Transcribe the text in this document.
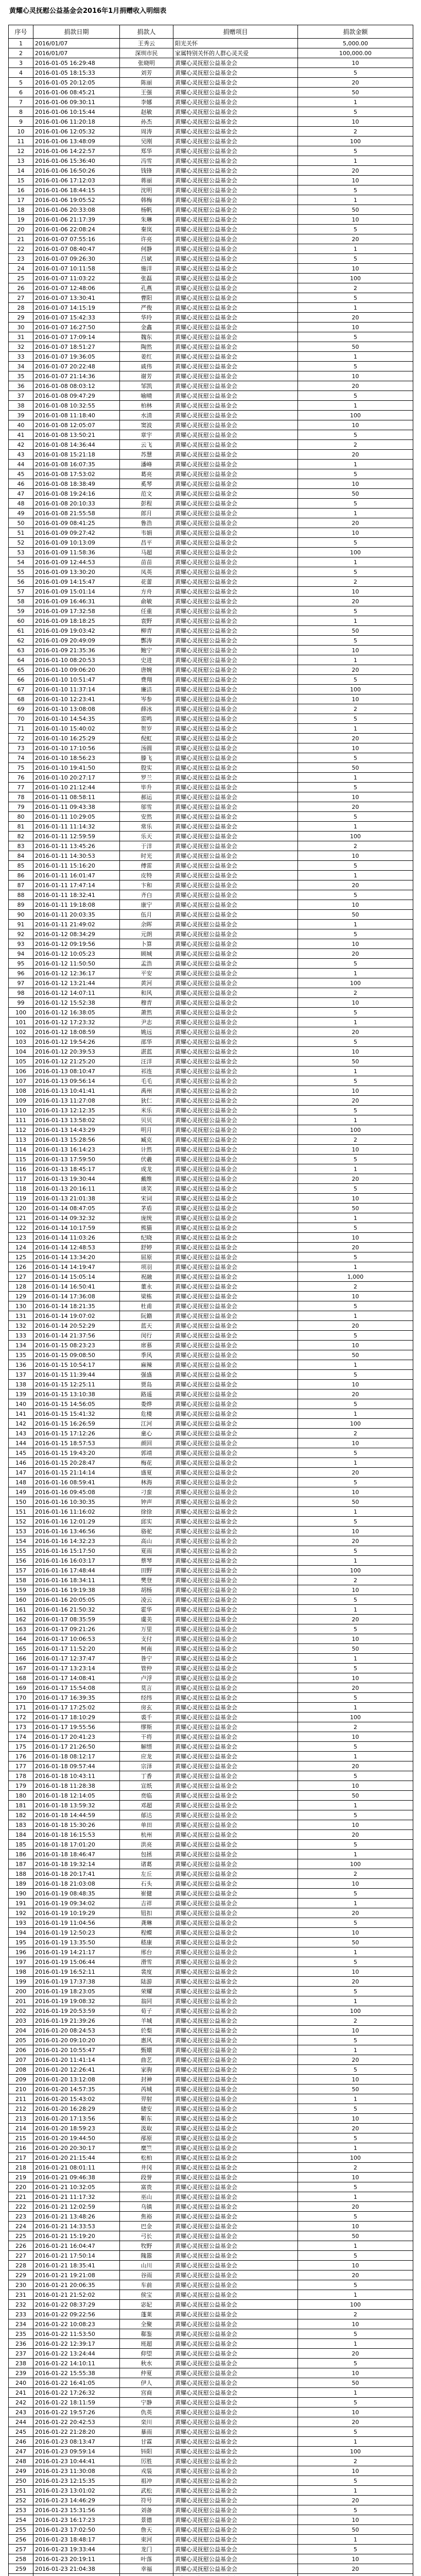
黄耀心灵抚慰公益基金会2016年1月捐赠收入明细表
序号	捐款日期	捐款人	捐赠项目	捐款金额
1	2016/01/07	王秀云	阳光关怀	5,000.00
2	2016/01/07	深圳市民	家属特别关怀的人群心灵关爱	100,000.00
3	2016-01-05 16:29:48	张晓明	黄耀心灵抚慰公益基金会	10
4	2016-01-05 18:15:33	刘芳	黄耀心灵抚慰公益基金会	5
5	2016-01-05 20:12:05	陈丽	黄耀心灵抚慰公益基金会	20
6	2016-01-06 08:45:21	王强	黄耀心灵抚慰公益基金会	50
7	2016-01-06 09:30:11	李娜	黄耀心灵抚慰公益基金会	1
8	2016-01-06 10:15:44	赵敏	黄耀心灵抚慰公益基金会	5
9	2016-01-06 11:20:18	孙杰	黄耀心灵抚慰公益基金会	10
10	2016-01-06 12:05:32	周涛	黄耀心灵抚慰公益基金会	2
11	2016-01-06 13:48:09	吴刚	黄耀心灵抚慰公益基金会	100
12	2016-01-06 14:22:57	郑华	黄耀心灵抚慰公益基金会	5
13	2016-01-06 15:36:40	冯雪	黄耀心灵抚慰公益基金会	1
14	2016-01-06 16:50:26	钱锋	黄耀心灵抚慰公益基金会	20
15	2016-01-06 17:12:03	蒋丽	黄耀心灵抚慰公益基金会	10
16	2016-01-06 18:44:15	沈明	黄耀心灵抚慰公益基金会	5
17	2016-01-06 19:05:52	韩梅	黄耀心灵抚慰公益基金会	1
18	2016-01-06 20:33:08	杨帆	黄耀心灵抚慰公益基金会	50
19	2016-01-06 21:17:39	朱琳	黄耀心灵抚慰公益基金会	10
20	2016-01-06 22:08:24	秦岚	黄耀心灵抚慰公益基金会	5
21	2016-01-07 07:55:16	许亮	黄耀心灵抚慰公益基金会	20
22	2016-01-07 08:40:47	何静	黄耀心灵抚慰公益基金会	1
23	2016-01-07 09:26:30	吕斌	黄耀心灵抚慰公益基金会	5
24	2016-01-07 10:11:58	施洋	黄耀心灵抚慰公益基金会	10
25	2016-01-07 11:03:22	张磊	黄耀心灵抚慰公益基金会	100
26	2016-01-07 12:48:06	孔燕	黄耀心灵抚慰公益基金会	2
27	2016-01-07 13:30:41	曹阳	黄耀心灵抚慰公益基金会	5
28	2016-01-07 14:15:19	严俊	黄耀心灵抚慰公益基金会	1
29	2016-01-07 15:42:33	华玲	黄耀心灵抚慰公益基金会	20
30	2016-01-07 16:27:50	金鑫	黄耀心灵抚慰公益基金会	10
31	2016-01-07 17:09:14	魏东	黄耀心灵抚慰公益基金会	5
32	2016-01-07 18:51:27	陶然	黄耀心灵抚慰公益基金会	50
33	2016-01-07 19:36:05	姜红	黄耀心灵抚慰公益基金会	1
34	2016-01-07 20:22:48	戚伟	黄耀心灵抚慰公益基金会	5
35	2016-01-07 21:14:36	谢芳	黄耀心灵抚慰公益基金会	10
36	2016-01-08 08:03:12	邹凯	黄耀心灵抚慰公益基金会	20
37	2016-01-08 09:47:29	喻晴	黄耀心灵抚慰公益基金会	5
38	2016-01-08 10:32:55	柏林	黄耀心灵抚慰公益基金会	1
39	2016-01-08 11:18:40	水清	黄耀心灵抚慰公益基金会	100
40	2016-01-08 12:05:07	窦波	黄耀心灵抚慰公益基金会	10
41	2016-01-08 13:50:21	章宇	黄耀心灵抚慰公益基金会	5
42	2016-01-08 14:36:44	云飞	黄耀心灵抚慰公益基金会	2
43	2016-01-08 15:21:18	苏慧	黄耀心灵抚慰公益基金会	20
44	2016-01-08 16:07:35	潘峰	黄耀心灵抚慰公益基金会	1
45	2016-01-08 17:53:02	葛亮	黄耀心灵抚慰公益基金会	5
46	2016-01-08 18:38:49	奚琴	黄耀心灵抚慰公益基金会	10
47	2016-01-08 19:24:16	范文	黄耀心灵抚慰公益基金会	50
48	2016-01-08 20:10:33	彭程	黄耀心灵抚慰公益基金会	5
49	2016-01-08 21:55:58	郎月	黄耀心灵抚慰公益基金会	1
50	2016-01-09 08:41:25	鲁浩	黄耀心灵抚慰公益基金会	20
51	2016-01-09 09:27:42	韦娟	黄耀心灵抚慰公益基金会	10
52	2016-01-09 10:13:09	昌平	黄耀心灵抚慰公益基金会	5
53	2016-01-09 11:58:36	马超	黄耀心灵抚慰公益基金会	100
54	2016-01-09 12:44:53	苗苗	黄耀心灵抚慰公益基金会	1
55	2016-01-09 13:30:20	凤英	黄耀心灵抚慰公益基金会	5
56	2016-01-09 14:15:47	花蕾	黄耀心灵抚慰公益基金会	2
57	2016-01-09 15:01:14	方舟	黄耀心灵抚慰公益基金会	10
58	2016-01-09 16:46:31	俞敏	黄耀心灵抚慰公益基金会	20
59	2016-01-09 17:32:58	任重	黄耀心灵抚慰公益基金会	5
60	2016-01-09 18:18:25	袁野	黄耀心灵抚慰公益基金会	1
61	2016-01-09 19:03:42	柳青	黄耀心灵抚慰公益基金会	50
62	2016-01-09 20:49:09	酆涛	黄耀心灵抚慰公益基金会	5
63	2016-01-09 21:35:36	鲍宁	黄耀心灵抚慰公益基金会	10
64	2016-01-10 08:20:53	史进	黄耀心灵抚慰公益基金会	1
65	2016-01-10 09:06:20	唐婉	黄耀心灵抚慰公益基金会	20
66	2016-01-10 10:51:47	费翔	黄耀心灵抚慰公益基金会	5
67	2016-01-10 11:37:14	廉洁	黄耀心灵抚慰公益基金会	100
68	2016-01-10 12:23:41	岑参	黄耀心灵抚慰公益基金会	10
69	2016-01-10 13:08:08	薛冰	黄耀心灵抚慰公益基金会	2
70	2016-01-10 14:54:35	雷鸣	黄耀心灵抚慰公益基金会	5
71	2016-01-10 15:40:02	贺岁	黄耀心灵抚慰公益基金会	1
72	2016-01-10 16:25:29	倪虹	黄耀心灵抚慰公益基金会	20
73	2016-01-10 17:10:56	汤圆	黄耀心灵抚慰公益基金会	10
74	2016-01-10 18:56:23	滕飞	黄耀心灵抚慰公益基金会	5
75	2016-01-10 19:41:50	殷实	黄耀心灵抚慰公益基金会	50
76	2016-01-10 20:27:17	罗兰	黄耀心灵抚慰公益基金会	1
77	2016-01-10 21:12:44	毕升	黄耀心灵抚慰公益基金会	5
78	2016-01-11 08:58:11	郝运	黄耀心灵抚慰公益基金会	10
79	2016-01-11 09:43:38	邬雪	黄耀心灵抚慰公益基金会	20
80	2016-01-11 10:29:05	安然	黄耀心灵抚慰公益基金会	5
81	2016-01-11 11:14:32	常乐	黄耀心灵抚慰公益基金会	1
82	2016-01-11 12:59:59	乐天	黄耀心灵抚慰公益基金会	100
83	2016-01-11 13:45:26	于洋	黄耀心灵抚慰公益基金会	2
84	2016-01-11 14:30:53	时光	黄耀心灵抚慰公益基金会	10
85	2016-01-11 15:16:20	傅雷	黄耀心灵抚慰公益基金会	5
86	2016-01-11 16:01:47	皮特	黄耀心灵抚慰公益基金会	1
87	2016-01-11 17:47:14	卞和	黄耀心灵抚慰公益基金会	20
88	2016-01-11 18:32:41	齐白	黄耀心灵抚慰公益基金会	5
89	2016-01-11 19:18:08	康宁	黄耀心灵抚慰公益基金会	10
90	2016-01-11 20:03:35	伍月	黄耀心灵抚慰公益基金会	50
91	2016-01-11 21:49:02	余晖	黄耀心灵抚慰公益基金会	1
92	2016-01-12 08:34:29	元朗	黄耀心灵抚慰公益基金会	5
93	2016-01-12 09:19:56	卜算	黄耀心灵抚慰公益基金会	10
94	2016-01-12 10:05:23	顾城	黄耀心灵抚慰公益基金会	20
95	2016-01-12 11:50:50	孟浩	黄耀心灵抚慰公益基金会	5
96	2016-01-12 12:36:17	平安	黄耀心灵抚慰公益基金会	1
97	2016-01-12 13:21:44	黄河	黄耀心灵抚慰公益基金会	100
98	2016-01-12 14:07:11	和风	黄耀心灵抚慰公益基金会	2
99	2016-01-12 15:52:38	穆青	黄耀心灵抚慰公益基金会	10
100	2016-01-12 16:38:05	萧然	黄耀心灵抚慰公益基金会	5
101	2016-01-12 17:23:32	尹志	黄耀心灵抚慰公益基金会	1
102	2016-01-12 18:08:59	姚远	黄耀心灵抚慰公益基金会	20
103	2016-01-12 19:54:26	邵华	黄耀心灵抚慰公益基金会	5
104	2016-01-12 20:39:53	湛蓝	黄耀心灵抚慰公益基金会	10
105	2016-01-12 21:25:20	汪洋	黄耀心灵抚慰公益基金会	50
106	2016-01-13 08:10:47	祁连	黄耀心灵抚慰公益基金会	1
107	2016-01-13 09:56:14	毛毛	黄耀心灵抚慰公益基金会	5
108	2016-01-13 10:41:41	禹州	黄耀心灵抚慰公益基金会	10
109	2016-01-13 11:27:08	狄仁	黄耀心灵抚慰公益基金会	20
110	2016-01-13 12:12:35	米乐	黄耀心灵抚慰公益基金会	5
111	2016-01-13 13:58:02	贝贝	黄耀心灵抚慰公益基金会	1
112	2016-01-13 14:43:29	明月	黄耀心灵抚慰公益基金会	100
113	2016-01-13 15:28:56	臧克	黄耀心灵抚慰公益基金会	2
114	2016-01-13 16:14:23	计然	黄耀心灵抚慰公益基金会	10
115	2016-01-13 17:59:50	伏羲	黄耀心灵抚慰公益基金会	5
116	2016-01-13 18:45:17	成龙	黄耀心灵抚慰公益基金会	1
117	2016-01-13 19:30:44	戴维	黄耀心灵抚慰公益基金会	20
118	2016-01-13 20:16:11	谈笑	黄耀心灵抚慰公益基金会	5
119	2016-01-13 21:01:38	宋词	黄耀心灵抚慰公益基金会	10
120	2016-01-14 08:47:05	茅盾	黄耀心灵抚慰公益基金会	50
121	2016-01-14 09:32:32	庞统	黄耀心灵抚慰公益基金会	1
122	2016-01-14 10:17:59	熊猫	黄耀心灵抚慰公益基金会	5
123	2016-01-14 11:03:26	纪晓	黄耀心灵抚慰公益基金会	10
124	2016-01-14 12:48:53	舒婷	黄耀心灵抚慰公益基金会	20
125	2016-01-14 13:34:20	屈原	黄耀心灵抚慰公益基金会	5
126	2016-01-14 14:19:47	项羽	黄耀心灵抚慰公益基金会	1
127	2016-01-14 15:05:14	祝融	黄耀心灵抚慰公益基金会	1,000
128	2016-01-14 16:50:41	董永	黄耀心灵抚慰公益基金会	2
129	2016-01-14 17:36:08	梁栋	黄耀心灵抚慰公益基金会	10
130	2016-01-14 18:21:35	杜甫	黄耀心灵抚慰公益基金会	5
131	2016-01-14 19:07:02	阮籍	黄耀心灵抚慰公益基金会	1
132	2016-01-14 20:52:29	蓝天	黄耀心灵抚慰公益基金会	20
133	2016-01-14 21:37:56	闵行	黄耀心灵抚慰公益基金会	5
134	2016-01-15 08:23:23	席慕	黄耀心灵抚慰公益基金会	10
135	2016-01-15 09:08:50	季风	黄耀心灵抚慰公益基金会	50
136	2016-01-15 10:54:17	麻辣	黄耀心灵抚慰公益基金会	1
137	2016-01-15 11:39:44	强盛	黄耀心灵抚慰公益基金会	5
138	2016-01-15 12:25:11	贾岛	黄耀心灵抚慰公益基金会	10
139	2016-01-15 13:10:38	路遥	黄耀心灵抚慰公益基金会	20
140	2016-01-15 14:56:05	娄烨	黄耀心灵抚慰公益基金会	5
141	2016-01-15 15:41:32	危楼	黄耀心灵抚慰公益基金会	1
142	2016-01-15 16:26:59	江河	黄耀心灵抚慰公益基金会	100
143	2016-01-15 17:12:26	童心	黄耀心灵抚慰公益基金会	2
144	2016-01-15 18:57:53	颜回	黄耀心灵抚慰公益基金会	10
145	2016-01-15 19:43:20	郭靖	黄耀心灵抚慰公益基金会	5
146	2016-01-15 20:28:47	梅花	黄耀心灵抚慰公益基金会	1
147	2016-01-15 21:14:14	盛夏	黄耀心灵抚慰公益基金会	20
148	2016-01-16 08:59:41	林海	黄耀心灵抚慰公益基金会	5
149	2016-01-16 09:45:08	刁蛮	黄耀心灵抚慰公益基金会	10
150	2016-01-16 10:30:35	钟声	黄耀心灵抚慰公益基金会	50
151	2016-01-16 11:16:02	徐徐	黄耀心灵抚慰公益基金会	1
152	2016-01-16 12:01:29	邱实	黄耀心灵抚慰公益基金会	5
153	2016-01-16 13:46:56	骆驼	黄耀心灵抚慰公益基金会	10
154	2016-01-16 14:32:23	高山	黄耀心灵抚慰公益基金会	20
155	2016-01-16 15:17:50	夏雨	黄耀心灵抚慰公益基金会	5
156	2016-01-16 16:03:17	蔡琴	黄耀心灵抚慰公益基金会	1
157	2016-01-16 17:48:44	田野	黄耀心灵抚慰公益基金会	100
158	2016-01-16 18:34:11	樊登	黄耀心灵抚慰公益基金会	2
159	2016-01-16 19:19:38	胡杨	黄耀心灵抚慰公益基金会	10
160	2016-01-16 20:05:05	凌云	黄耀心灵抚慰公益基金会	5
161	2016-01-16 21:50:32	霍华	黄耀心灵抚慰公益基金会	1
162	2016-01-17 08:35:59	虞美	黄耀心灵抚慰公益基金会	20
163	2016-01-17 09:21:26	万里	黄耀心灵抚慰公益基金会	5
164	2016-01-17 10:06:53	支付	黄耀心灵抚慰公益基金会	10
165	2016-01-17 11:52:20	柯南	黄耀心灵抚慰公益基金会	50
166	2016-01-17 12:37:47	昝宁	黄耀心灵抚慰公益基金会	1
167	2016-01-17 13:23:14	管仲	黄耀心灵抚慰公益基金会	5
168	2016-01-17 14:08:41	卢浮	黄耀心灵抚慰公益基金会	10
169	2016-01-17 15:54:08	莫言	黄耀心灵抚慰公益基金会	20
170	2016-01-17 16:39:35	经纬	黄耀心灵抚慰公益基金会	5
171	2016-01-17 17:25:02	房玄	黄耀心灵抚慰公益基金会	1
172	2016-01-17 18:10:29	裘千	黄耀心灵抚慰公益基金会	100
173	2016-01-17 19:55:56	缪斯	黄耀心灵抚慰公益基金会	2
174	2016-01-17 20:41:23	干将	黄耀心灵抚慰公益基金会	10
175	2016-01-17 21:26:50	解缙	黄耀心灵抚慰公益基金会	5
176	2016-01-18 08:12:17	应龙	黄耀心灵抚慰公益基金会	1
177	2016-01-18 09:57:44	宗泽	黄耀心灵抚慰公益基金会	20
178	2016-01-18 10:43:11	丁香	黄耀心灵抚慰公益基金会	5
179	2016-01-18 11:28:38	宣纸	黄耀心灵抚慰公益基金会	10
180	2016-01-18 12:14:05	贲临	黄耀心灵抚慰公益基金会	50
181	2016-01-18 13:59:32	邓超	黄耀心灵抚慰公益基金会	1
182	2016-01-18 14:44:59	郁达	黄耀心灵抚慰公益基金会	5
183	2016-01-18 15:30:26	单田	黄耀心灵抚慰公益基金会	10
184	2016-01-18 16:15:53	杭州	黄耀心灵抚慰公益基金会	20
185	2016-01-18 17:01:20	洪亮	黄耀心灵抚慰公益基金会	5
186	2016-01-18 18:46:47	包拯	黄耀心灵抚慰公益基金会	1
187	2016-01-18 19:32:14	诸葛	黄耀心灵抚慰公益基金会	100
188	2016-01-18 20:17:41	左丘	黄耀心灵抚慰公益基金会	2
189	2016-01-18 21:03:08	石头	黄耀心灵抚慰公益基金会	10
190	2016-01-19 08:48:35	崔健	黄耀心灵抚慰公益基金会	5
191	2016-01-19 09:34:02	吉祥	黄耀心灵抚慰公益基金会	1
192	2016-01-19 10:19:29	钮扣	黄耀心灵抚慰公益基金会	20
193	2016-01-19 11:04:56	龚琳	黄耀心灵抚慰公益基金会	5
194	2016-01-19 12:50:23	程蝶	黄耀心灵抚慰公益基金会	10
195	2016-01-19 13:35:50	嵇康	黄耀心灵抚慰公益基金会	50
196	2016-01-19 14:21:17	邢台	黄耀心灵抚慰公益基金会	1
197	2016-01-19 15:06:44	滑雪	黄耀心灵抚慰公益基金会	5
198	2016-01-19 16:52:11	裴度	黄耀心灵抚慰公益基金会	10
199	2016-01-19 17:37:38	陆游	黄耀心灵抚慰公益基金会	20
200	2016-01-19 18:23:05	荣耀	黄耀心灵抚慰公益基金会	5
201	2016-01-19 19:08:32	翁同	黄耀心灵抚慰公益基金会	1
202	2016-01-19 20:53:59	荀子	黄耀心灵抚慰公益基金会	100
203	2016-01-19 21:39:26	羊城	黄耀心灵抚慰公益基金会	2
204	2016-01-20 08:24:53	於梨	黄耀心灵抚慰公益基金会	10
205	2016-01-20 09:10:20	惠风	黄耀心灵抚慰公益基金会	5
206	2016-01-20 10:55:47	甄嬛	黄耀心灵抚慰公益基金会	1
207	2016-01-20 11:41:14	曲艺	黄耀心灵抚慰公益基金会	20
208	2016-01-20 12:26:41	家驹	黄耀心灵抚慰公益基金会	5
209	2016-01-20 13:12:08	封神	黄耀心灵抚慰公益基金会	10
210	2016-01-20 14:57:35	芮城	黄耀心灵抚慰公益基金会	50
211	2016-01-20 15:43:02	羿射	黄耀心灵抚慰公益基金会	1
212	2016-01-20 16:28:29	储安	黄耀心灵抚慰公益基金会	5
213	2016-01-20 17:13:56	靳东	黄耀心灵抚慰公益基金会	10
214	2016-01-20 18:59:23	汲取	黄耀心灵抚慰公益基金会	20
215	2016-01-20 19:44:50	邴原	黄耀心灵抚慰公益基金会	5
216	2016-01-20 20:30:17	糜竺	黄耀心灵抚慰公益基金会	1
217	2016-01-20 21:15:44	松柏	黄耀心灵抚慰公益基金会	100
218	2016-01-21 08:01:11	井冈	黄耀心灵抚慰公益基金会	2
219	2016-01-21 09:46:38	段誉	黄耀心灵抚慰公益基金会	10
220	2016-01-21 10:32:05	富贵	黄耀心灵抚慰公益基金会	5
221	2016-01-21 11:17:32	巫山	黄耀心灵抚慰公益基金会	1
222	2016-01-21 12:02:59	乌镇	黄耀心灵抚慰公益基金会	20
223	2016-01-21 13:48:26	焦裕	黄耀心灵抚慰公益基金会	5
224	2016-01-21 14:33:53	巴金	黄耀心灵抚慰公益基金会	10
225	2016-01-21 15:19:20	弓长	黄耀心灵抚慰公益基金会	50
226	2016-01-21 16:04:47	牧野	黄耀心灵抚慰公益基金会	1
227	2016-01-21 17:50:14	隗嚣	黄耀心灵抚慰公益基金会	5
228	2016-01-21 18:35:41	山川	黄耀心灵抚慰公益基金会	10
229	2016-01-21 19:21:08	谷雨	黄耀心灵抚慰公益基金会	20
230	2016-01-21 20:06:35	车前	黄耀心灵抚慰公益基金会	5
231	2016-01-21 21:52:02	侯宝	黄耀心灵抚慰公益基金会	1
232	2016-01-22 08:37:29	宓妃	黄耀心灵抚慰公益基金会	100
233	2016-01-22 09:22:56	蓬莱	黄耀心灵抚慰公益基金会	2
234	2016-01-22 10:08:23	全聚	黄耀心灵抚慰公益基金会	10
235	2016-01-22 11:53:50	郗鉴	黄耀心灵抚慰公益基金会	5
236	2016-01-22 12:39:17	班超	黄耀心灵抚慰公益基金会	1
237	2016-01-22 13:24:44	仰望	黄耀心灵抚慰公益基金会	20
238	2016-01-22 14:10:11	秋水	黄耀心灵抚慰公益基金会	5
239	2016-01-22 15:55:38	仲夏	黄耀心灵抚慰公益基金会	10
240	2016-01-22 16:41:05	伊人	黄耀心灵抚慰公益基金会	50
241	2016-01-22 17:26:32	宫商	黄耀心灵抚慰公益基金会	1
242	2016-01-22 18:11:59	宁静	黄耀心灵抚慰公益基金会	5
243	2016-01-22 19:57:26	仇英	黄耀心灵抚慰公益基金会	10
244	2016-01-22 20:42:53	栾川	黄耀心灵抚慰公益基金会	20
245	2016-01-22 21:28:20	暴雨	黄耀心灵抚慰公益基金会	5
246	2016-01-23 08:13:47	甘霖	黄耀心灵抚慰公益基金会	1
247	2016-01-23 09:59:14	钭阳	黄耀心灵抚慰公益基金会	100
248	2016-01-23 10:44:41	厉胜	黄耀心灵抚慰公益基金会	2
249	2016-01-23 11:30:08	戎装	黄耀心灵抚慰公益基金会	10
250	2016-01-23 12:15:35	祖冲	黄耀心灵抚慰公益基金会	5
251	2016-01-23 13:01:02	武松	黄耀心灵抚慰公益基金会	1
252	2016-01-23 14:46:29	符号	黄耀心灵抚慰公益基金会	20
253	2016-01-23 15:31:56	刘备	黄耀心灵抚慰公益基金会	5
254	2016-01-23 16:17:23	景德	黄耀心灵抚慰公益基金会	10
255	2016-01-23 17:02:50	詹天	黄耀心灵抚慰公益基金会	50
256	2016-01-23 18:48:17	束河	黄耀心灵抚慰公益基金会	1
257	2016-01-23 19:33:44	龙门	黄耀心灵抚慰公益基金会	5
258	2016-01-23 20:19:11	叶落	黄耀心灵抚慰公益基金会	10
259	2016-01-23 21:04:38	幸福	黄耀心灵抚慰公益基金会	20
